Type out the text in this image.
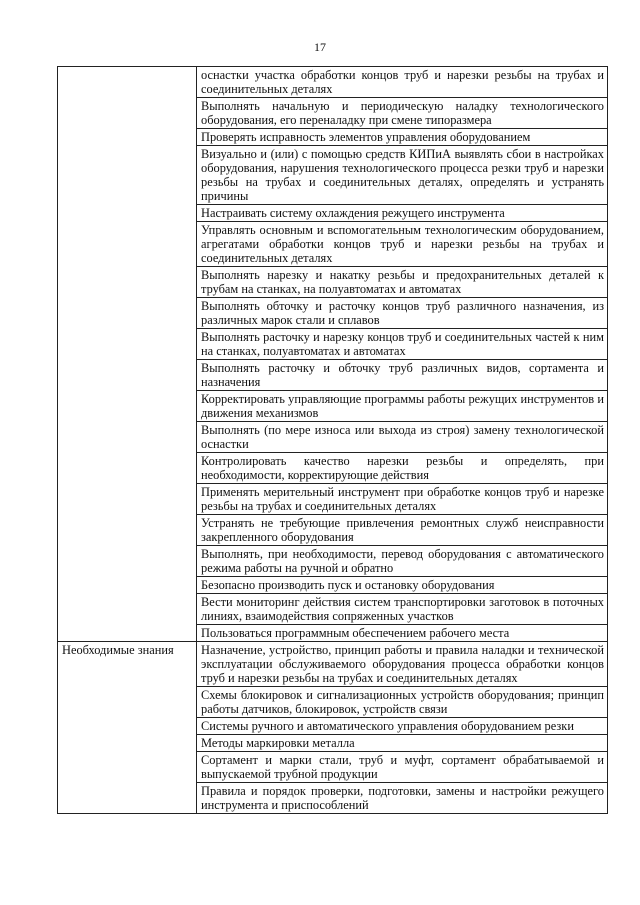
17
	оснастки участка обработки концов труб и нарезки резьбы на трубах и соединительных деталях
	Выполнять начальную и периодическую наладку технологического оборудования, его переналадку при смене типоразмера
	Проверять исправность элементов управления оборудованием
	Визуально и (или) с помощью средств КИПиА выявлять сбои в настройках оборудования, нарушения технологического процесса резки труб и нарезки резьбы на трубах и соединительных деталях, определять и устранять причины
	Настраивать систему охлаждения режущего инструмента
	Управлять основным и вспомогательным технологическим оборудованием, агрегатами обработки концов труб и нарезки резьбы на трубах и соединительных деталях
	Выполнять нарезку и накатку резьбы и предохранительных деталей к трубам на станках, на полуавтоматах и автоматах
	Выполнять обточку и расточку концов труб различного назначения, из различных марок стали и сплавов
	Выполнять расточку и нарезку концов труб и соединительных частей к ним на станках, полуавтоматах и автоматах
	Выполнять расточку и обточку труб различных видов, сортамента и назначения
	Корректировать управляющие программы работы режущих инструментов и движения механизмов
	Выполнять (по мере износа или выхода из строя) замену технологической оснастки
	Контролировать качество нарезки резьбы и определять, при необходимости, корректирующие действия
	Применять мерительный инструмент при обработке концов труб и нарезке резьбы на трубах и соединительных деталях
	Устранять не требующие привлечения ремонтных служб неисправности закрепленного оборудования
	Выполнять, при необходимости, перевод оборудования с автоматического режима работы на ручной и обратно
	Безопасно производить пуск и остановку оборудования
	Вести мониторинг действия систем транспортировки заготовок в поточных линиях, взаимодействия сопряженных участков
	Пользоваться программным обеспечением рабочего места
Необходимые знания	Назначение, устройство, принцип работы и правила наладки и технической эксплуатации обслуживаемого оборудования процесса обработки концов труб и нарезки резьбы на трубах и соединительных деталях
	Схемы блокировок и сигнализационных устройств оборудования; принцип работы датчиков, блокировок, устройств связи
	Системы ручного и автоматического управления оборудованием резки
	Методы маркировки металла
	Сортамент и марки стали, труб и муфт, сортамент обрабатываемой и выпускаемой трубной продукции
	Правила и порядок проверки, подготовки, замены и настройки режущего инструмента и приспособлений
